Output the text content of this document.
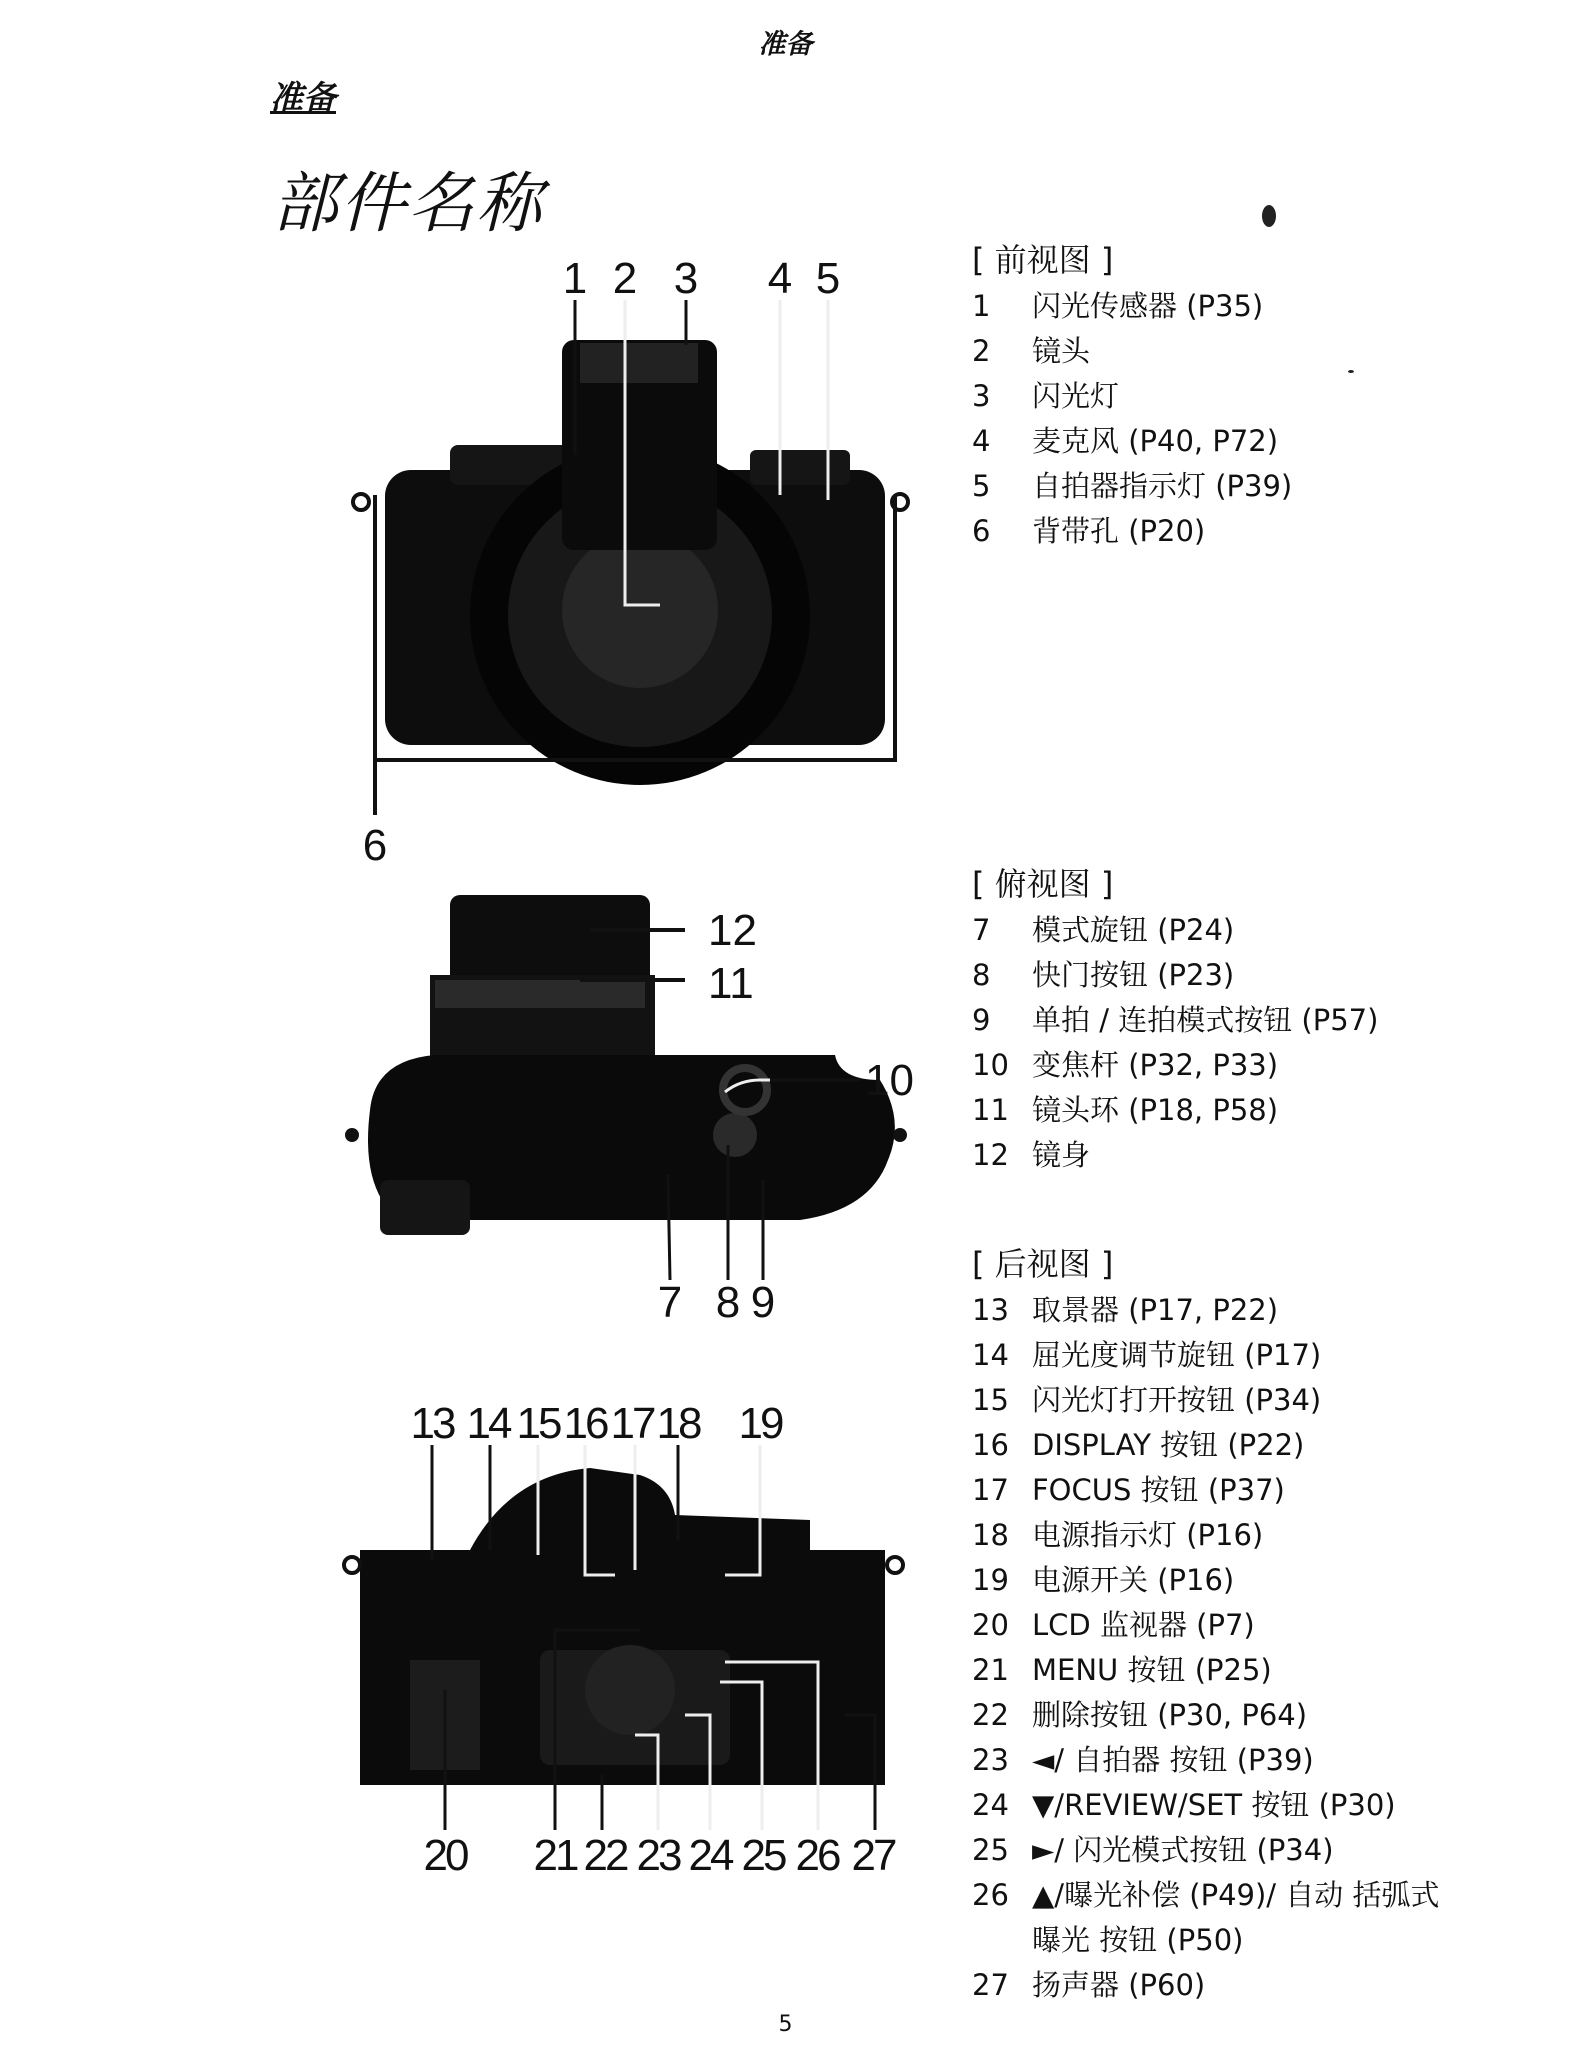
准备
准备
部件名称
1 2 3 4 5
6
12
11
10
7 8 9
13 14 15 16 17 18 19
20 21 22 23 24 25 26 27
[ 前视图 ]
1	闪光传感器 (P35)
2	镜头
3	闪光灯
4	麦克风 (P40, P72)
5	自拍器指示灯 (P39)
6	背带孔 (P20)
[ 俯视图 ]
7	模式旋钮 (P24)
8	快门按钮 (P23)
9	单拍 / 连拍模式按钮 (P57)
10 变焦杆 (P32, P33)
11 镜头环 (P18, P58)
12 镜身
[ 后视图 ]
13 取景器 (P17, P22)
14 屈光度调节旋钮 (P17)
15 闪光灯打开按钮 (P34)
16 DISPLAY 按钮 (P22)
17 FOCUS 按钮 (P37)
18 电源指示灯 (P16)
19 电源开关 (P16)
20 LCD 监视器 (P7)
21 MENU 按钮 (P25)
22 删除按钮 (P30, P64)
23 ◄/ 自拍器 按钮 (P39)
24 ▼/REVIEW/SET 按钮 (P30)
25 ►/ 闪光模式按钮 (P34)
26 ▲/曝光补偿 (P49)/ 自动 括弧式
曝光 按钮 (P50)
27 扬声器 (P60)
5
